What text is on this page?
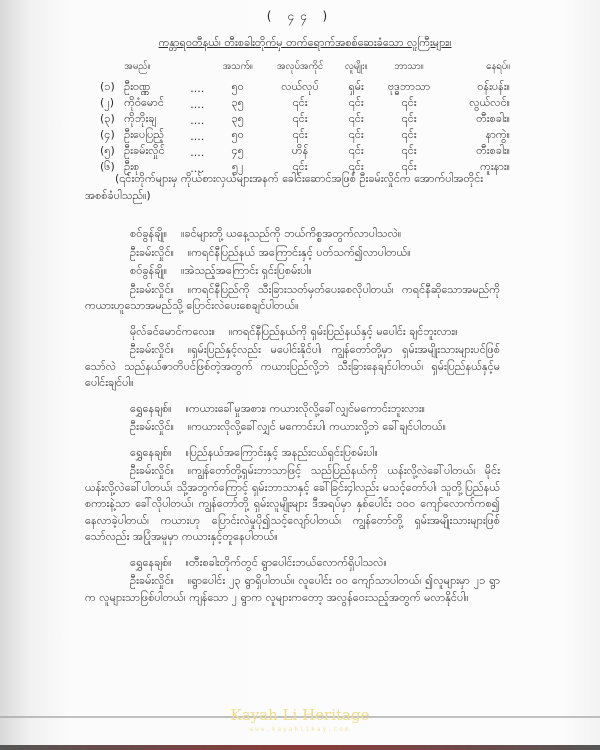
( ၄၄ )
ကန္တာရဝတီနယ်၊ တီးစခါးတိုက်မှ တက်ရောက်အစစ်ဆေးခံသော လူကြီးများ။
	အမည်။		အသက်။	အလုပ်အကိုင်	လူမျိုး။	ဘာသာ။	နေရပ်။
(၁)	ဦးဝဏ္ဏ	....	၅၀	လယ်လုပ်	ရှမ်း	ဗုဒ္ဓဘာသာ	ဝန်းပန်း။
(၂)	ကိုဝံမောင်	....	၃၅	၎င်း	၎င်း	၎င်း	လွယ်လင်။
(၃)	ကိုဘိုးချ	....	၃၅	၎င်း	၎င်း	၎င်း	တီးစခါး။
(၄)	ဦးပေပြည့်	....	၅၀	၎င်း	၎င်း	၎င်း	နာကွဲ။
(၅)	ဦးခမ်းလှိုင်	....	၄၅	ဟိန်	၎င်း	၎င်း	တီးစခါး။
(၆)	ဦးစု	....	၅၂	၎င်း	၎င်း	၎င်း	ကူးနား။
(၎င်းတိုက်များမှ ကိုယ်စားလှယ်များအနက် ခေါင်းဆောင်အဖြစ် ဦးခမ်းလှိုင်က အောက်ပါအတိုင်း အစစ်ခံပါသည်။)

စဝ်ခွန်ချို။ ။ခင်များတို့ ယနေ့သည်ကို ဘယ်ကိစ္စအတွက်လာပါသလဲ။

ဦးခမ်းလှိုင်။ ။ကရင်နီပြည်နယ် အကြောင်းနှင့် ပတ်သက်၍လာပါတယ်။

စဝ်ခွန်ချို။ ။အဲသည့်အကြောင်း ရှင်းပြစမ်းပါ။

ဦးခမ်းလှိုင်။ ။ကရင်နီပြည်ကို သီးခြားသတ်မှတ်ပေးစေလိုပါတယ်၊ ကရင်နီဆိုသောအမည်ကို ကယားဟူသောအမည်သို့ ပြောင်းလဲပေးစေချင်ပါတယ်။

မိုလ်ခင်မောင်ကလေး။ ။ကရင်နီပြည်နယ်ကို ရှမ်းပြည်နယ်နှင့် မပေါင်း ချင်ဘူးလား။

ဦးခမ်းလှိုင်။ ။ရှမ်းပြည်နှင့်လည်း မပေါင်းနိုင်ပါ၊ ကျွန်တော်တို့မှာ ရှမ်းအမျိုးသားများပင်ဖြစ်သော်လဲ သည်နယ်ဇာတိပင်ဖြစ်တဲ့အတွက် ကယားပြည်လို့ဘဲ သီးခြားနေချင်ပါတယ်၊ ရှမ်းပြည်နယ်နှင့်မပေါင်းချင်ပါ။

ရွှေနေချစ်။ ။ကယားခေါ်မှုအစား၊ ကယားလိုလို့ခေါ်လျှင်မကောင်းဘူးလား။

ဦးခမ်းလှိုင်။ ။ကယားလိုလို့ခေါ်လျှင် မကောင်းပါ၊ ကယားလို့ဘဲ ခေါ်ချင်ပါတယ်။

ရွှေနေချစ်။ ။ပြည်နယ်အကြောင်းနှင့် အနည်းငယ်ရှင်းပြစမ်းပါ။

ဦးခမ်းလှိုင်။ ။ကျွန်တော်တို့ရှမ်းဘာသာဖြင့် သည်ပြည်နယ်ကို ယန်းလို့လဲခေါ်ပါတယ်၊ မိုင်းယန်းလို့လဲခေါ်ပါတယ်၊ သို့အဘွက်ကြောင့် ရှမ်းဘာသာနှင့် ခေါ်ခြင်း၄ါလည်း မသင့်တော်ပါ၊ သူတို့ပြည်နယ်စကားနဲ့သာ ခေါ်လိုပါတယ်၊ ကျွန်တော်တို့ ရှမ်းလူမျိုးများ ဒီအရပ်မှာ နှစ်ပေါင်း ၁၀၀ ကျော်လောက်ကစ၍ နေလာခဲ့ပါတယ်၊ ကယားဟု ပြောင်းလဲမှုပို၍သင့်လျော်ပါတယ်၊ ကျွန်တော်တို့ ရှမ်းအမျိုးသားများဖြစ်သော်လည်း အပြုံအမူမှာ ကယားနှင့်တူနေပါတယ်။

ရွှေနေချစ်။ ။တီးစခါးတိုက်တွင် ရွာပေါင်းဘယ်လောက်ရှိပါသလဲ။

ဦးခမ်းလှိုင်။ ။ရွာပေါင်း ၂၃ ရွာရှိပါတယ်။ လူပေါင်း ၀၀ ကျော်သာပါတယ်၊ ၍လူများမှာ ၂၁ ရွာက လူများသာဖြစ်ပါတယ်၊ ကျန်သော ၂ ရွာက လူများကတော့ အလွန်ဝေးသည့်အတွက် မလာနိုင်ပါ။

Kayah Li Heritage
www.kayahlikay.com
